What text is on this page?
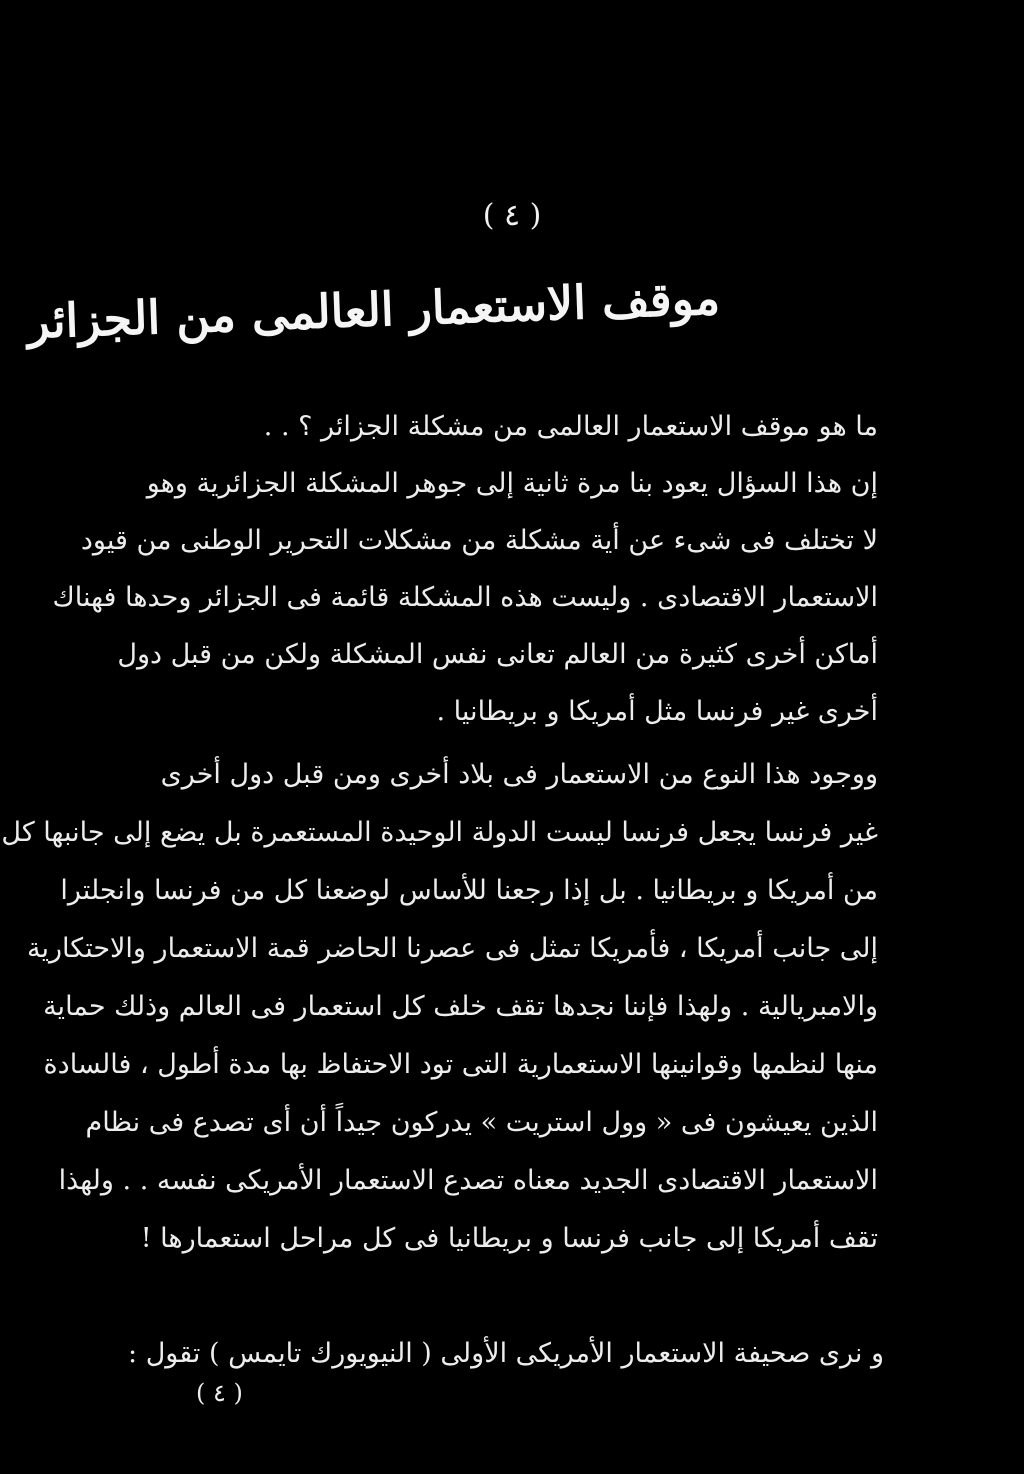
( ٤ )
موقف الاستعمار العالمى من الجزائر
ما هو موقف الاستعمار العالمى من مشكلة الجزائر ؟ . .
إن هذا السؤال يعود بنا مرة ثانية إلى جوهر المشكلة الجزائرية وهو
لا تختلف فى شىء عن أية مشكلة من مشكلات التحرير الوطنى من قيود
الاستعمار الاقتصادى . وليست هذه المشكلة قائمة فى الجزائر وحدها فهناك
أماكن أخرى كثيرة من العالم تعانى نفس المشكلة ولكن من قبل دول
أخرى غير فرنسا مثل أمريكا و بريطانيا .
ووجود هذا النوع من الاستعمار فى بلاد أخرى ومن قبل دول أخرى
غير فرنسا يجعل فرنسا ليست الدولة الوحيدة المستعمرة بل يضع إلى جانبها كل
من أمريكا و بريطانيا . بل إذا رجعنا للأساس لوضعنا كل من فرنسا وانجلترا
إلى جانب أمريكا ، فأمريكا تمثل فى عصرنا الحاضر قمة الاستعمار والاحتكارية
والامبريالية . ولهذا فإننا نجدها تقف خلف كل استعمار فى العالم وذلك حماية
منها لنظمها وقوانينها الاستعمارية التى تود الاحتفاظ بها مدة أطول ، فالسادة
الذين يعيشون فى « وول استريت » يدركون جيداً أن أى تصدع فى نظام
الاستعمار الاقتصادى الجديد معناه تصدع الاستعمار الأمريكى نفسه . . ولهذا
تقف أمريكا إلى جانب فرنسا و بريطانيا فى كل مراحل استعمارها !
و نرى صحيفة الاستعمار الأمريكى الأولى ( النيويورك تايمس ) تقول :
( ٤ )
